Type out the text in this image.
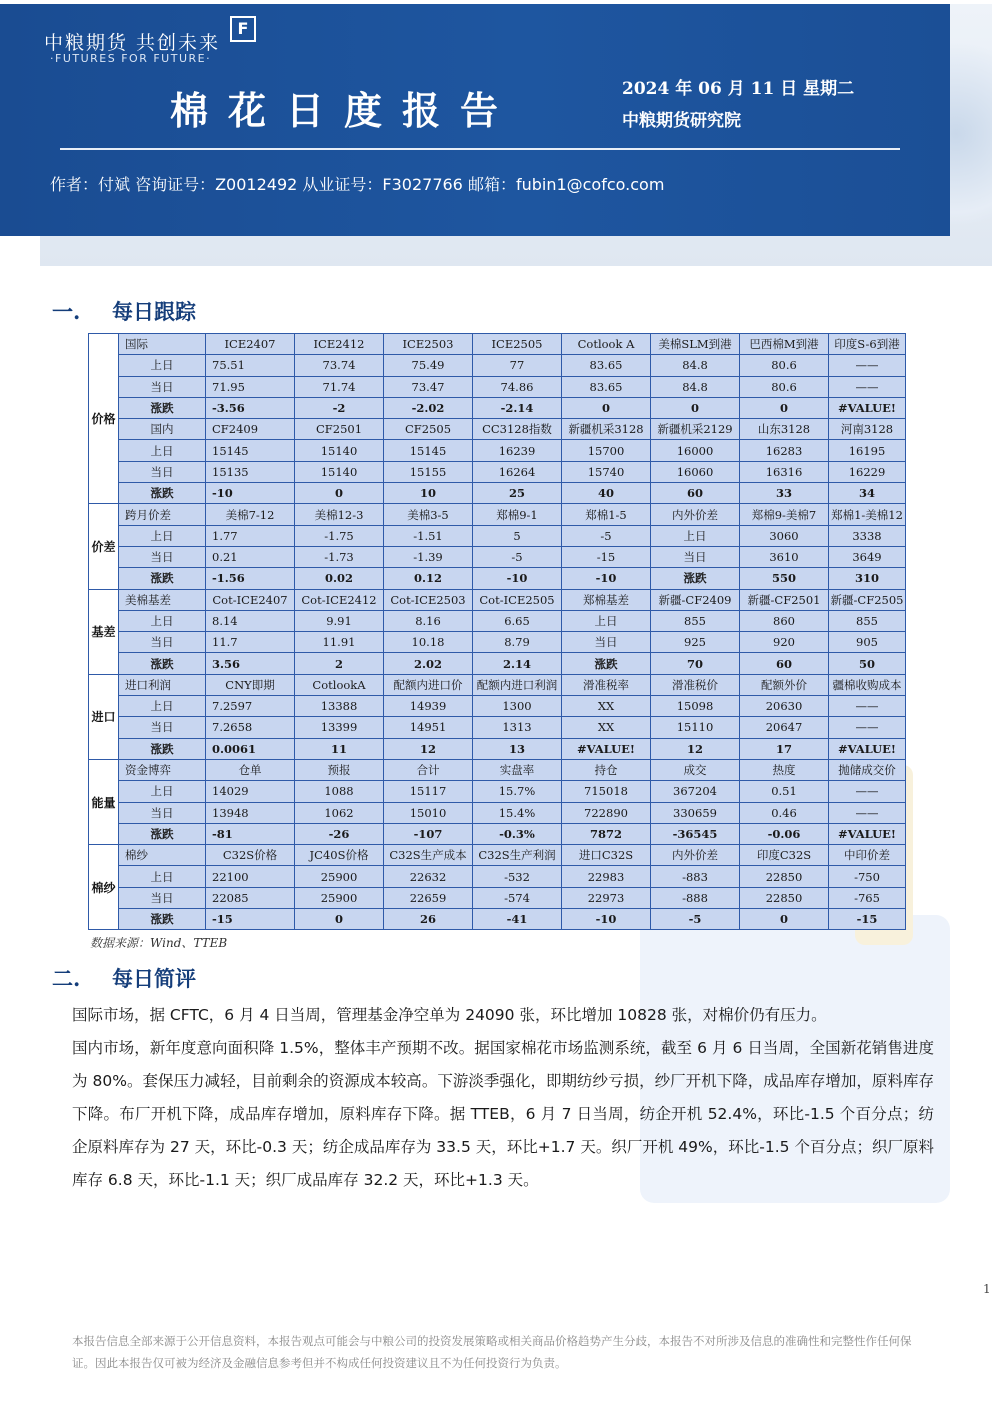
中粮期货 共创未来
·FUTURES FOR FUTURE·
F
棉花日度报告	2024 年 06 月 11 日 星期二
中粮期货研究院
作者：付斌 咨询证号：Z0012492 从业证号：F3027766 邮箱：fubin1@cofco.com
一. 每日跟踪
价格	国际	ICE2407	ICE2412	ICE2503	ICE2505	Cotlook A	美棉SLM到港	巴西棉M到港	印度S-6到港
	上日	75.51	73.74	75.49	77	83.65	84.8	80.6	——
	当日	71.95	71.74	73.47	74.86	83.65	84.8	80.6	——
	涨跌	-3.56	-2	-2.02	-2.14	0	0	0	#VALUE!
	国内	CF2409	CF2501	CF2505	CC3128指数	新疆机采3128	新疆机采2129	山东3128	河南3128
	上日	15145	15140	15145	16239	15700	16000	16283	16195
	当日	15135	15140	15155	16264	15740	16060	16316	16229
	涨跌	-10	0	10	25	40	60	33	34
价差	跨月价差	美棉7-12	美棉12-3	美棉3-5	郑棉9-1	郑棉1-5	内外价差	郑棉9-美棉7	郑棉1-美棉12
	上日	1.77	-1.75	-1.51	5	-5	上日	3060	3338
	当日	0.21	-1.73	-1.39	-5	-15	当日	3610	3649
	涨跌	-1.56	0.02	0.12	-10	-10	涨跌	550	310
基差	美棉基差	Cot-ICE2407	Cot-ICE2412	Cot-ICE2503	Cot-ICE2505	郑棉基差	新疆-CF2409	新疆-CF2501	新疆-CF2505
	上日	8.14	9.91	8.16	6.65	上日	855	860	855
	当日	11.7	11.91	10.18	8.79	当日	925	920	905
	涨跌	3.56	2	2.02	2.14	涨跌	70	60	50
进口	进口利润	CNY即期	CotlookA	配额内进口价	配额内进口利润	滑准税率	滑准税价	配额外价	疆棉收购成本
	上日	7.2597	13388	14939	1300	XX	15098	20630	——
	当日	7.2658	13399	14951	1313	XX	15110	20647	——
	涨跌	0.0061	11	12	13	#VALUE!	12	17	#VALUE!
能量	资金博弈	仓单	预报	合计	实盘率	持仓	成交	热度	抛储成交价
	上日	14029	1088	15117	15.7%	715018	367204	0.51	——
	当日	13948	1062	15010	15.4%	722890	330659	0.46	——
	涨跌	-81	-26	-107	-0.3%	7872	-36545	-0.06	#VALUE!
棉纱	棉纱	C32S价格	JC40S价格	C32S生产成本	C32S生产利润	进口C32S	内外价差	印度C32S	中印价差
	上日	22100	25900	22632	-532	22983	-883	22850	-750
	当日	22085	25900	22659	-574	22973	-888	22850	-765
	涨跌	-15	0	26	-41	-10	-5	0	-15
数据来源：Wind、TTEB
二. 每日简评
国际市场，据 CFTC，6 月 4 日当周，管理基金净空单为 24090 张，环比增加 10828 张，对棉价仍有压力。
国内市场，新年度意向面积降 1.5%，整体丰产预期不改。据国家棉花市场监测系统，截至 6 月 6 日当周，全国新花销售进度为 80%。套保压力减轻，目前剩余的资源成本较高。下游淡季强化，即期纺纱亏损，纱厂开机下降，成品库存增加，原料库存下降。布厂开机下降，成品库存增加，原料库存下降。据 TTEB，6 月 7 日当周，纺企开机 52.4%，环比-1.5 个百分点；纺企原料库存为 27 天，环比-0.3 天；纺企成品库存为 33.5 天，环比+1.7 天。织厂开机 49%，环比-1.5 个百分点；织厂原料库存 6.8 天，环比-1.1 天；织厂成品库存 32.2 天，环比+1.3 天。
1
本报告信息全部来源于公开信息资料，本报告观点可能会与中粮公司的投资发展策略或相关商品价格趋势产生分歧，本报告不对所涉及信息的准确性和完整性作任何保证。因此本报告仅可被为经济及金融信息参考但并不构成任何投资建议且不为任何投资行为负责。
